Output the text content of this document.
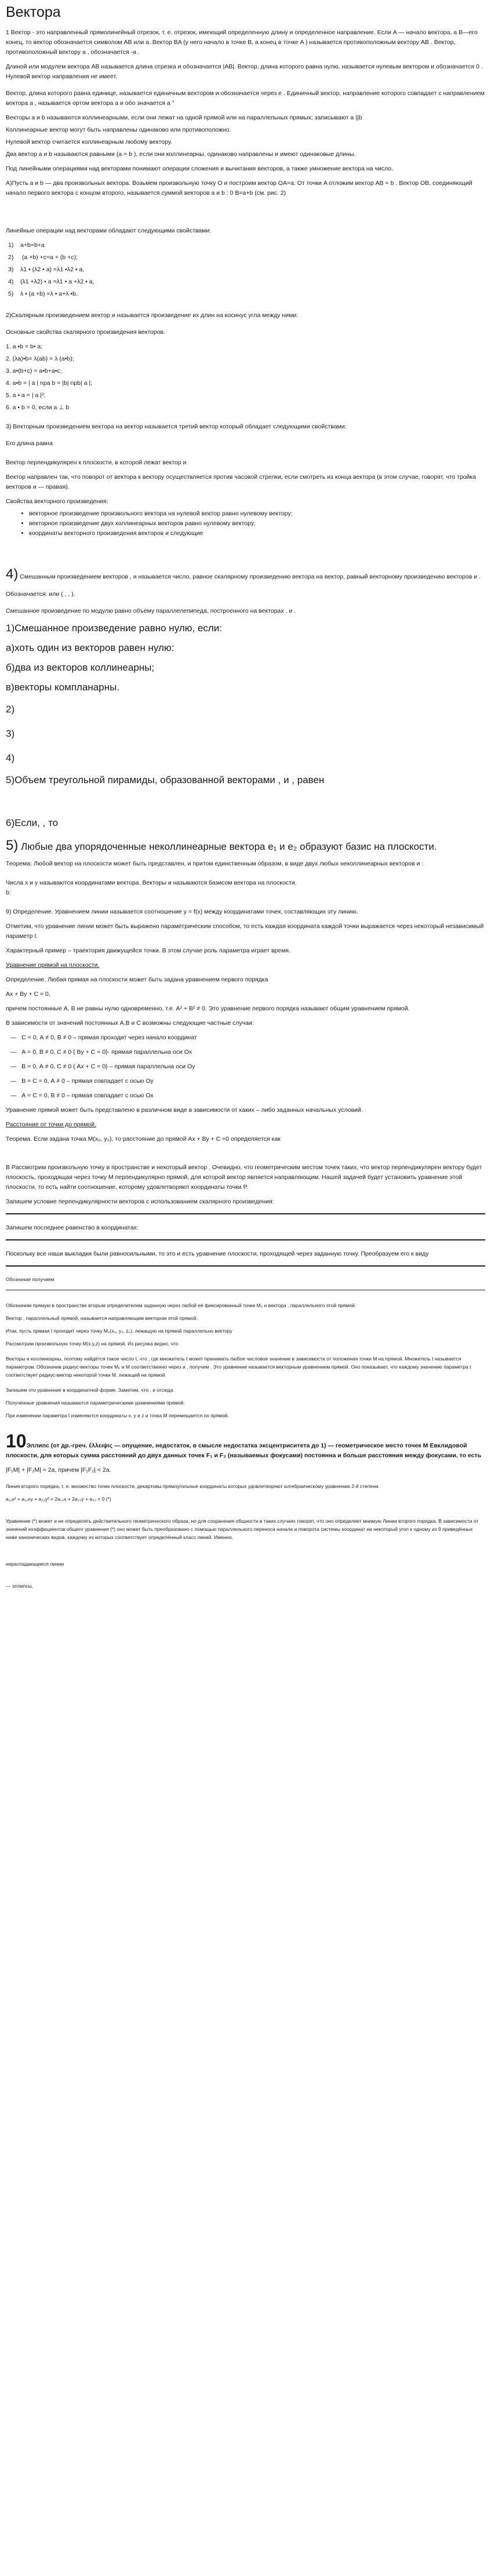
Вектора

1 Вектор - это направленный прямолинейный отрезок, т. е. отрезок, имеющий определенную длину и определенное направление. Если A — начало вектора, а B—его конец, то вектор обозначается символом AB или a. Вектор BA (у него начало в точке B, а конец в точке A ) называется противоположным вектору AB . Вектор, противоположный вектору а , обозначается -а .

Длиной или модулем вектора AB называется длина отрезка и обозначается |AB|. Вектор, длина которого равна нулю, называется нулевым вектором и обозначается 0 . Нулевой вектор направления не имеет.

Вектор, длина которого равна единице, называется единичным вектором и обозначается через e . Единичный вектор, направление которого совпадает с направлением вектора a , называется ортом вектора a и обо значается a °

Векторы a и b называются коллинеарными, если они лежат на одной прямой или на параллельных прямых; записывают a ||b

Коллинеарные вектор могут быть направлены одинаково или противоположно.

Нулевой вектор считается коллинеарным любому вектору.

Два вектор a и b называются равными (a = b ), если они коллинеарны, одинаково направлены и имеют одинаковые длины.

Под линейными операциями над векторами понимают операции сложения и вычитания векторов, а также умножение вектора на число.

A)Пусть а и b — два произвольных вектора. Возьмем произвольную точку O и построим вектор OA=a. От точки A отложим вектор AB = b . Вектор OB, соединяющий начало первого вектора с концом второго, называется суммой векторов a и b : 0 В=a+b (см. рис. 2)

Линейные операции над векторами обладают следующими свойствами:

1) a+b=b+a

2) (a +b) +c=a + (b +c);

3) λ1 • (λ2 • a) =λ1 •λ2 • a,

4) (λ1 +λ2) • a =λ1 • a +λ2 • a,

5) λ • (a +b) =λ • a+λ •b.

2)Скалярным произведением вектор и называется произведение их длин на косинус угла между ними:

Основные свойства скалярного произведения векторов.

1. a •b = b• a;

2. (λa)•b= λ(ab) = λ (a•b);

3. a•(b+c) = a•b+a•c;

4. a•b = | a | npa b = |b| npb| a |;

5. a • a = | a |²;

6. a • b = 0, если a ⊥ b

3) Векторным произведением вектора на вектор называется третий вектор который обладает следующими свойствами:

Его длина равна

Вектор перпендикулярен к плоскости, в которой лежат вектор и

Вектор направлен так, что поворот от вектора к вектору осуществляется против часовой стрелки, если смотреть из конца вектора (в этом случае, говорят, что тройка векторов и — правая).

Свойства векторного произведения:

• векторное произведение произвольного вектора на нулевой вектор равно нулевому вектору;
• векторное произведение двух коллинеарных векторов равно нулевому вектору;
• координаты векторного произведения векторов и следующие

4) Смешанным произведением векторов , и называется число, равное скалярному произведению вектора на вектор, равный векторному произведению векторов и .

Обозначается: или ( , , ).

Смешанное произведение по модулю равно объему параллелепипеда, построенного на векторах , и .

1)Смешанное произведение равно нулю, если:

а)хоть один из векторов равен нулю:

б)два из векторов коллинеарны;

в)векторы компланарны.

2)

3)

4)

5)Объем треугольной пирамиды, образованной векторами , и , равен

6)Если, , то

5) Любые два упорядоченные неколлинеарные вектора e₁ и e₂ образуют базис на плоскости.

Теорема: Любой вектор на плоскости может быть представлен, и притом единственным образом, в виде двух любых неколлинеарных векторов и :

Числа x и y называются координатами вектора. Векторы и называются базисом вектора на плоскости.

b:

9) Определение. Уравнением линии называется соотношение y = f(x) между координатами точек, составляющих эту линию.

Отметим, что уравнение линии может быть выражено параметрическим способом, то есть каждая координата каждой точки выражается через некоторый независимый параметр t.

Характерный пример – траектория движущейся точки. В этом случае роль параметра играет время.

Уравнение прямой на плоскости.

Определение. Любая прямая на плоскости может быть задана уравнением первого порядка

Ax + By + C = 0,

причем постоянные А, В не равны нулю одновременно, т.е. А² + В² ≠ 0. Это уравнение первого порядка называют общим уравнением прямой.

В зависимости от значений постоянных А,В и С возможны следующие частные случаи:

—   C = 0, А ≠ 0, В ≠ 0 – прямая проходит через начало координат

—   А = 0, В ≠ 0, С ≠ 0 { By + C = 0}- прямая параллельна оси Ох

—   В = 0, А ≠ 0, С ≠ 0 { Ax + C = 0} – прямая параллельна оси Оу

—   В = С = 0, А ≠ 0 – прямая совпадает с осью Оу

—   А = С = 0, В ≠ 0 – прямая совпадает с осью Ох

Уравнение прямой может быть представлено в различном виде в зависимости от каких – либо заданных начальных условий.

Расстояние от точки до прямой.

Теорема. Если задана точка М(х₀, у₀), то расстояние до прямой Ах + Ву + С =0 определяется как

В Рассмотрим произвольную точку в пространстве и некоторый вектор . Очевидно, что геометрическим местом точек таких, что вектор перпендикулярен вектору будет плоскость, проходящая через точку M перпендикулярно прямой, для которой вектор является направляющим. Нашей задачей будет установить уравнение этой плоскости, то есть найти соотношение, которому удовлетворяют координаты точки Р.

Запишем условие перпендикулярности векторов с использованием скалярного произведения:

Запишем последнее равенство в координатах:

Поскольку все наши выкладки были равносильными, то это и есть уравнение плоскости, проходящей через заданную точку. Преобразуем его к виду

Обозначая получаем

Обозначим прямую в пространстве вторым определителем заданную через любой её фиксированный точки M₀ и вектора , параллельного этой прямой.

Вектор , параллельный прямой, называется направляющим вектором этой прямой.

Итак, пусть прямая l проходит через точку M₀(x₀, y₀, z₀), лежащую на прямой параллельно вектору

Рассмотрим произвольную точку M(x,y,z) на прямой. Из рисунка видно, что

Векторы и коллинеарны, поэтому найдётся такое число t, что , где множитель t может принимать любое числовое значение в зависимости от положения точки M на прямой. Множитель t называется параметром. Обозначив радиус-векторы точек M₀ и M соответственно через и , получим . Это уравнение называется векторным уравнением прямой. Оно показывает, что каждому значению параметра t соответствует радиус-вектор некоторой точки M, лежащей на прямой.

Запишем это уравнение в координатной форме. Заметим, что , и отсюда

Полученные уравнения называются параметрическими уравнениями прямой.

При изменении параметра t изменяются координаты x, y и z и точка M перемещается по прямой.

10Эллипс (от др.-греч. ἔλλειψις — опущение, недостаток, в смысле недостатка эксцентриситета до 1) — геометрическое место точек M Евклидовой плоскости, для которых сумма расстояний до двух данных точек F₁ и F₂ (называемых фокусами) постоянна и больше расстояния между фокусами, то есть

|F₁M| + |F₂M| = 2a, причем |F₁F₂| < 2a.

Линия второго порядка, т. е. множество точек плоскости, декартовы прямоугольные координаты которых удовлетворяют алгебраическому уравнению 2-й степени.

a₁₁x² + a₁₂xy + a₂₂y² + 2a₁₃x + 2a₂₃y + a₃₃ = 0 (*)

Уравнение (*) может и не определять действительного геометрического образа, но для сохранения общности в таких случаях говорят, что оно определяет мнимую Линии второго порядка. В зависимости от значений коэффициентов общего уравнения (*) оно может быть преобразовано с помощью параллельного переноса начала и поворота системы координат на некоторый угол к одному из 9 приведённых ниже канонических видов, каждому из которых соответствует определённый класс линий. Именно,

нераспадающиеся линии

— эллипсы,
